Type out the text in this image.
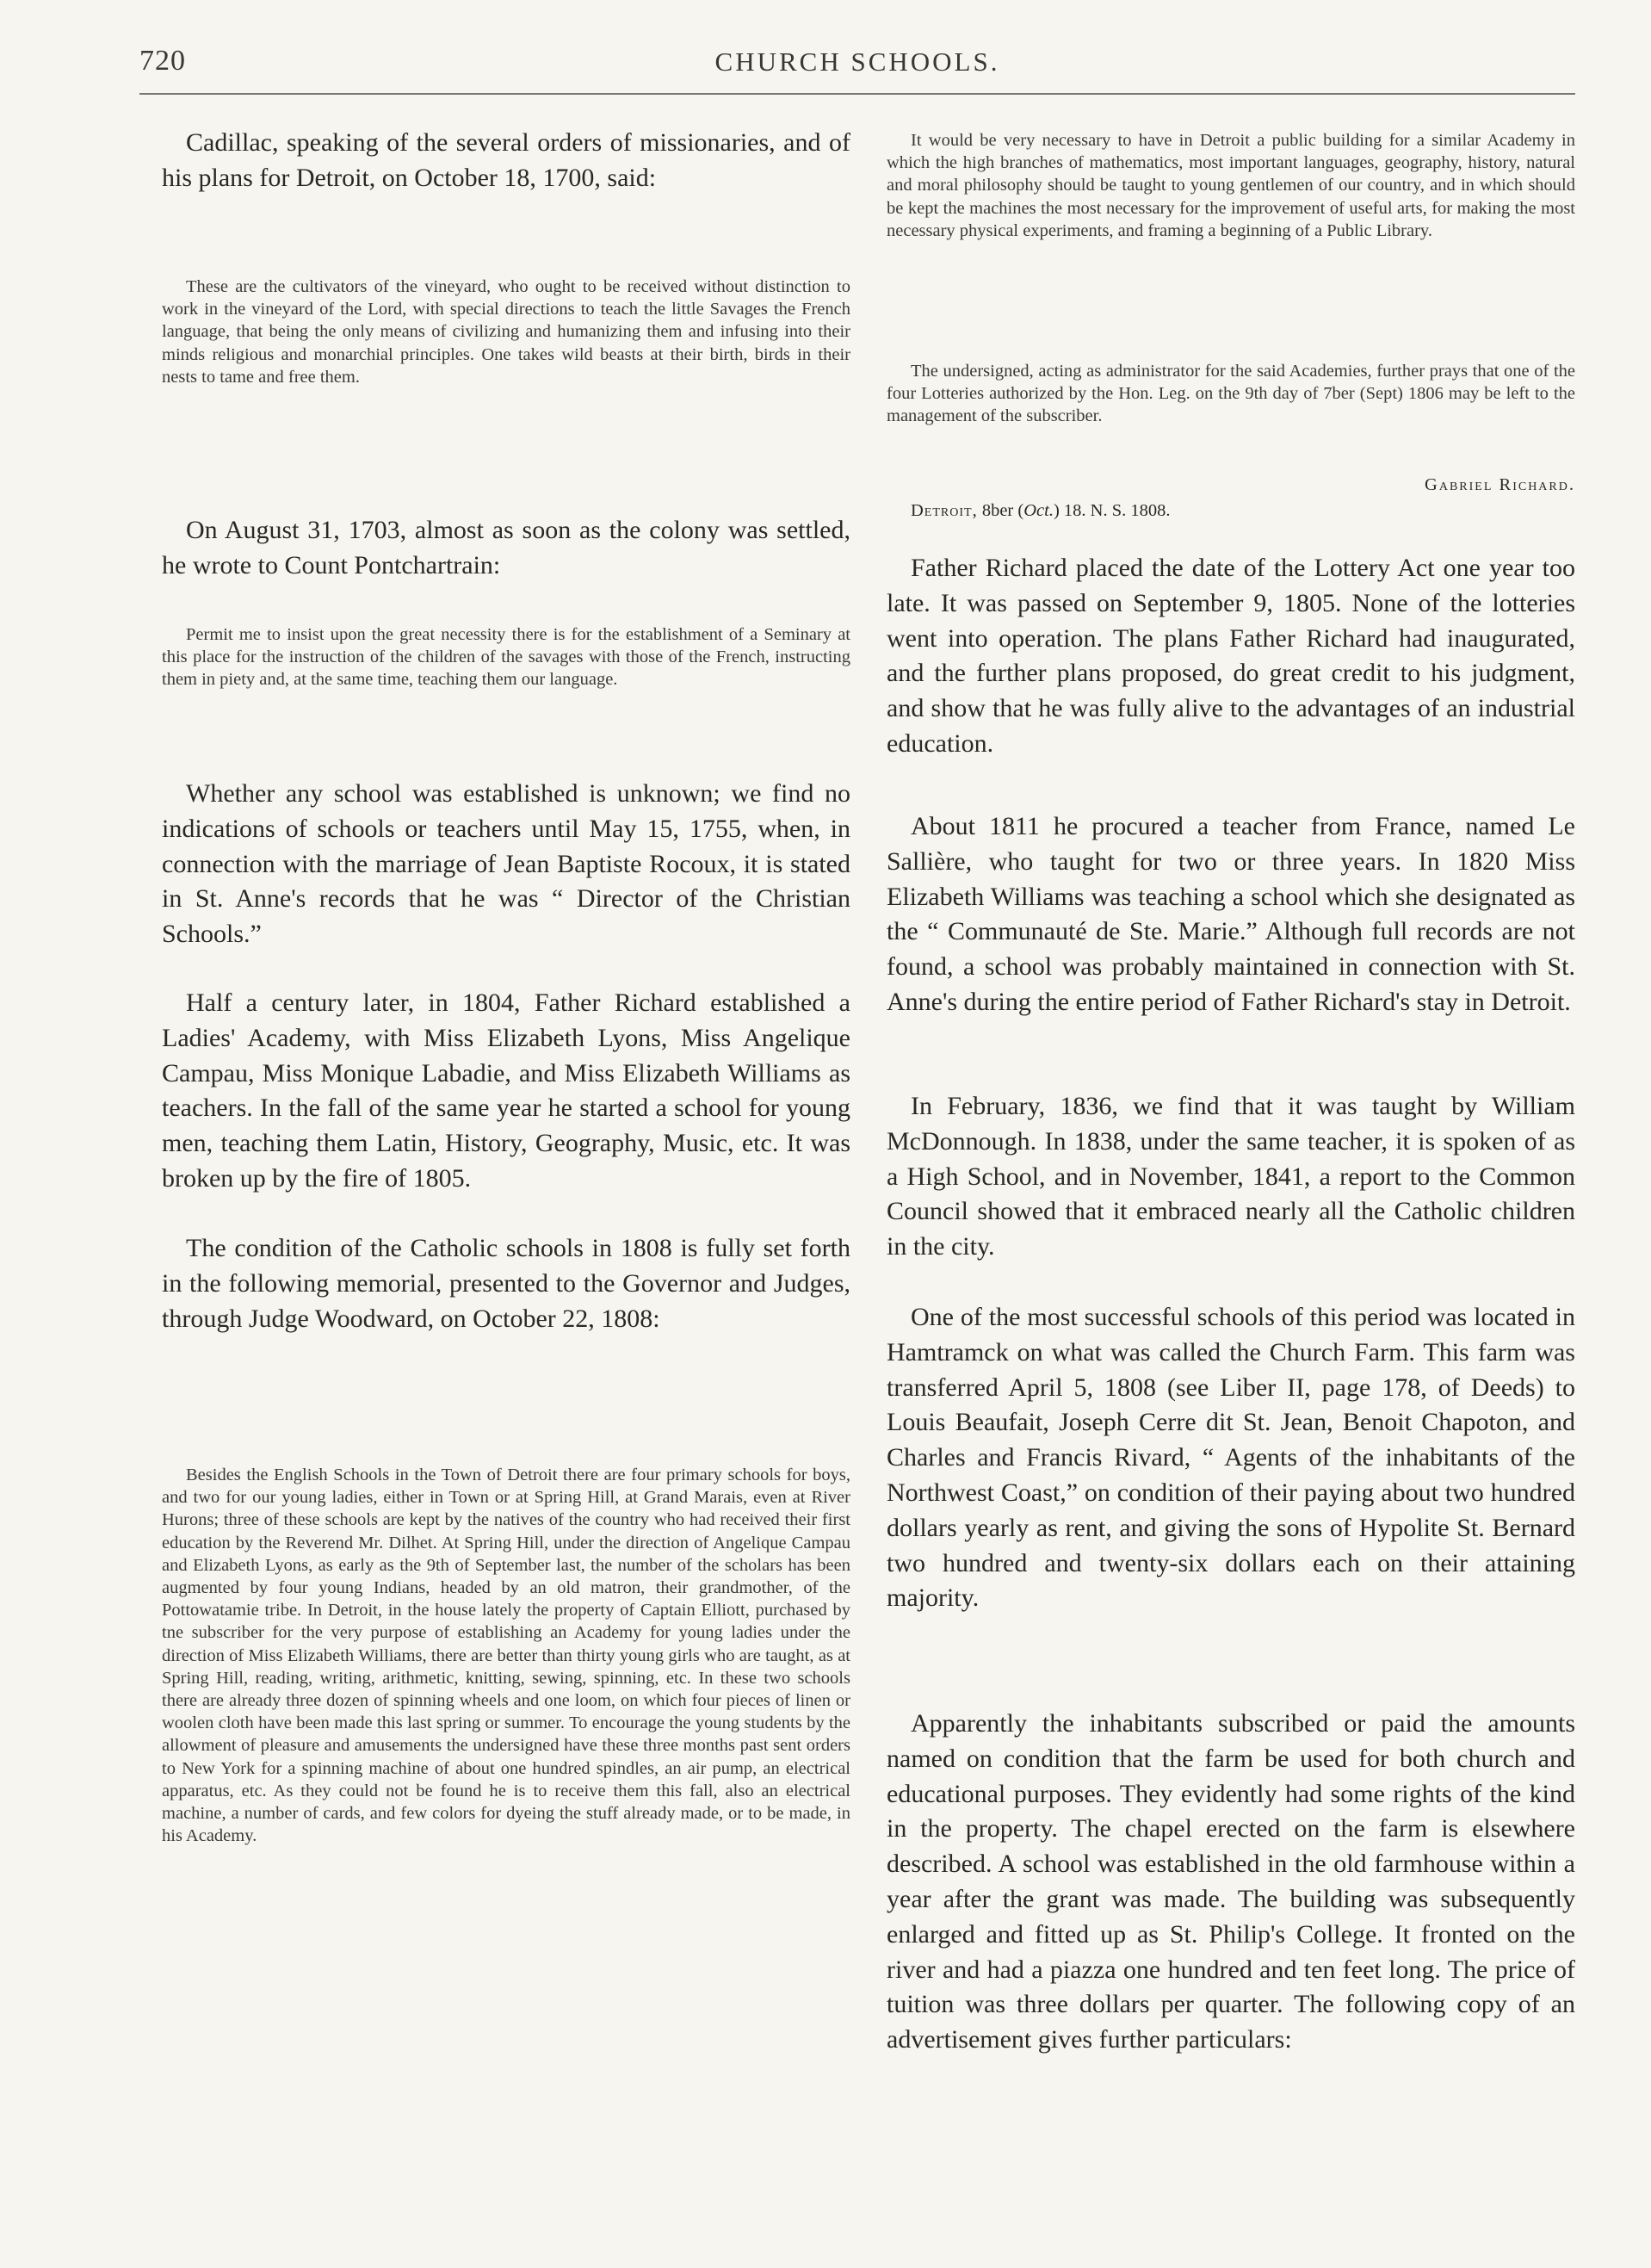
720	CHURCH SCHOOLS.

Cadillac, speaking of the several orders of missionaries, and of his plans for Detroit, on October 18, 1700, said:

These are the cultivators of the vineyard, who ought to be received without distinction to work in the vineyard of the Lord, with special directions to teach the little Savages the French language, that being the only means of civilizing and humanizing them and infusing into their minds religious and monarchial principles. One takes wild beasts at their birth, birds in their nests to tame and free them.

On August 31, 1703, almost as soon as the colony was settled, he wrote to Count Pontchartrain:

Permit me to insist upon the great necessity there is for the establishment of a Seminary at this place for the instruction of the children of the savages with those of the French, instructing them in piety and, at the same time, teaching them our language.

Whether any school was established is unknown; we find no indications of schools or teachers until May 15, 1755, when, in connection with the marriage of Jean Baptiste Rocoux, it is stated in St. Anne's records that he was “ Director of the Christian Schools.”

Half a century later, in 1804, Father Richard established a Ladies' Academy, with Miss Elizabeth Lyons, Miss Angelique Campau, Miss Monique Labadie, and Miss Elizabeth Williams as teachers. In the fall of the same year he started a school for young men, teaching them Latin, History, Geography, Music, etc. It was broken up by the fire of 1805.

The condition of the Catholic schools in 1808 is fully set forth in the following memorial, presented to the Governor and Judges, through Judge Woodward, on October 22, 1808:

Besides the English Schools in the Town of Detroit there are four primary schools for boys, and two for our young ladies, either in Town or at Spring Hill, at Grand Marais, even at River Hurons; three of these schools are kept by the natives of the country who had received their first education by the Reverend Mr. Dilhet. At Spring Hill, under the direction of Angelique Campau and Elizabeth Lyons, as early as the 9th of September last, the number of the scholars has been augmented by four young Indians, headed by an old matron, their grandmother, of the Pottowatamie tribe. In Detroit, in the house lately the property of Captain Elliott, purchased by tne subscriber for the very purpose of establishing an Academy for young ladies under the direction of Miss Elizabeth Williams, there are better than thirty young girls who are taught, as at Spring Hill, reading, writing, arithmetic, knitting, sewing, spinning, etc. In these two schools there are already three dozen of spinning wheels and one loom, on which four pieces of linen or woolen cloth have been made this last spring or summer. To encourage the young students by the allowment of pleasure and amusements the undersigned have these three months past sent orders to New York for a spinning machine of about one hundred spindles, an air pump, an electrical apparatus, etc. As they could not be found he is to receive them this fall, also an electrical machine, a number of cards, and few colors for dyeing the stuff already made, or to be made, in his Academy.

It would be very necessary to have in Detroit a public building for a similar Academy in which the high branches of mathematics, most important languages, geography, history, natural and moral philosophy should be taught to young gentlemen of our country, and in which should be kept the machines the most necessary for the improvement of useful arts, for making the most necessary physical experiments, and framing a beginning of a Public Library.

The undersigned, acting as administrator for the said Academies, further prays that one of the four Lotteries authorized by the Hon. Leg. on the 9th day of 7ber (Sept) 1806 may be left to the management of the subscriber.

Gabriel Richard.

Detroit, 8ber (Oct.) 18. N. S. 1808.

Father Richard placed the date of the Lottery Act one year too late. It was passed on September 9, 1805. None of the lotteries went into operation. The plans Father Richard had inaugurated, and the further plans proposed, do great credit to his judgment, and show that he was fully alive to the advantages of an industrial education.

About 1811 he procured a teacher from France, named Le Sallière, who taught for two or three years. In 1820 Miss Elizabeth Williams was teaching a school which she designated as the “ Communauté de Ste. Marie.” Although full records are not found, a school was probably maintained in connection with St. Anne's during the entire period of Father Richard's stay in Detroit.

In February, 1836, we find that it was taught by William McDonnough. In 1838, under the same teacher, it is spoken of as a High School, and in November, 1841, a report to the Common Council showed that it embraced nearly all the Catholic children in the city.

One of the most successful schools of this period was located in Hamtramck on what was called the Church Farm. This farm was transferred April 5, 1808 (see Liber II, page 178, of Deeds) to Louis Beaufait, Joseph Cerre dit St. Jean, Benoit Chapoton, and Charles and Francis Rivard, “ Agents of the inhabitants of the Northwest Coast,” on condition of their paying about two hundred dollars yearly as rent, and giving the sons of Hypolite St. Bernard two hundred and twenty-six dollars each on their attaining majority.

Apparently the inhabitants subscribed or paid the amounts named on condition that the farm be used for both church and educational purposes. They evidently had some rights of the kind in the property. The chapel erected on the farm is elsewhere described. A school was established in the old farmhouse within a year after the grant was made. The building was subsequently enlarged and fitted up as St. Philip's College. It fronted on the river and had a piazza one hundred and ten feet long. The price of tuition was three dollars per quarter. The following copy of an advertisement gives further particulars:
